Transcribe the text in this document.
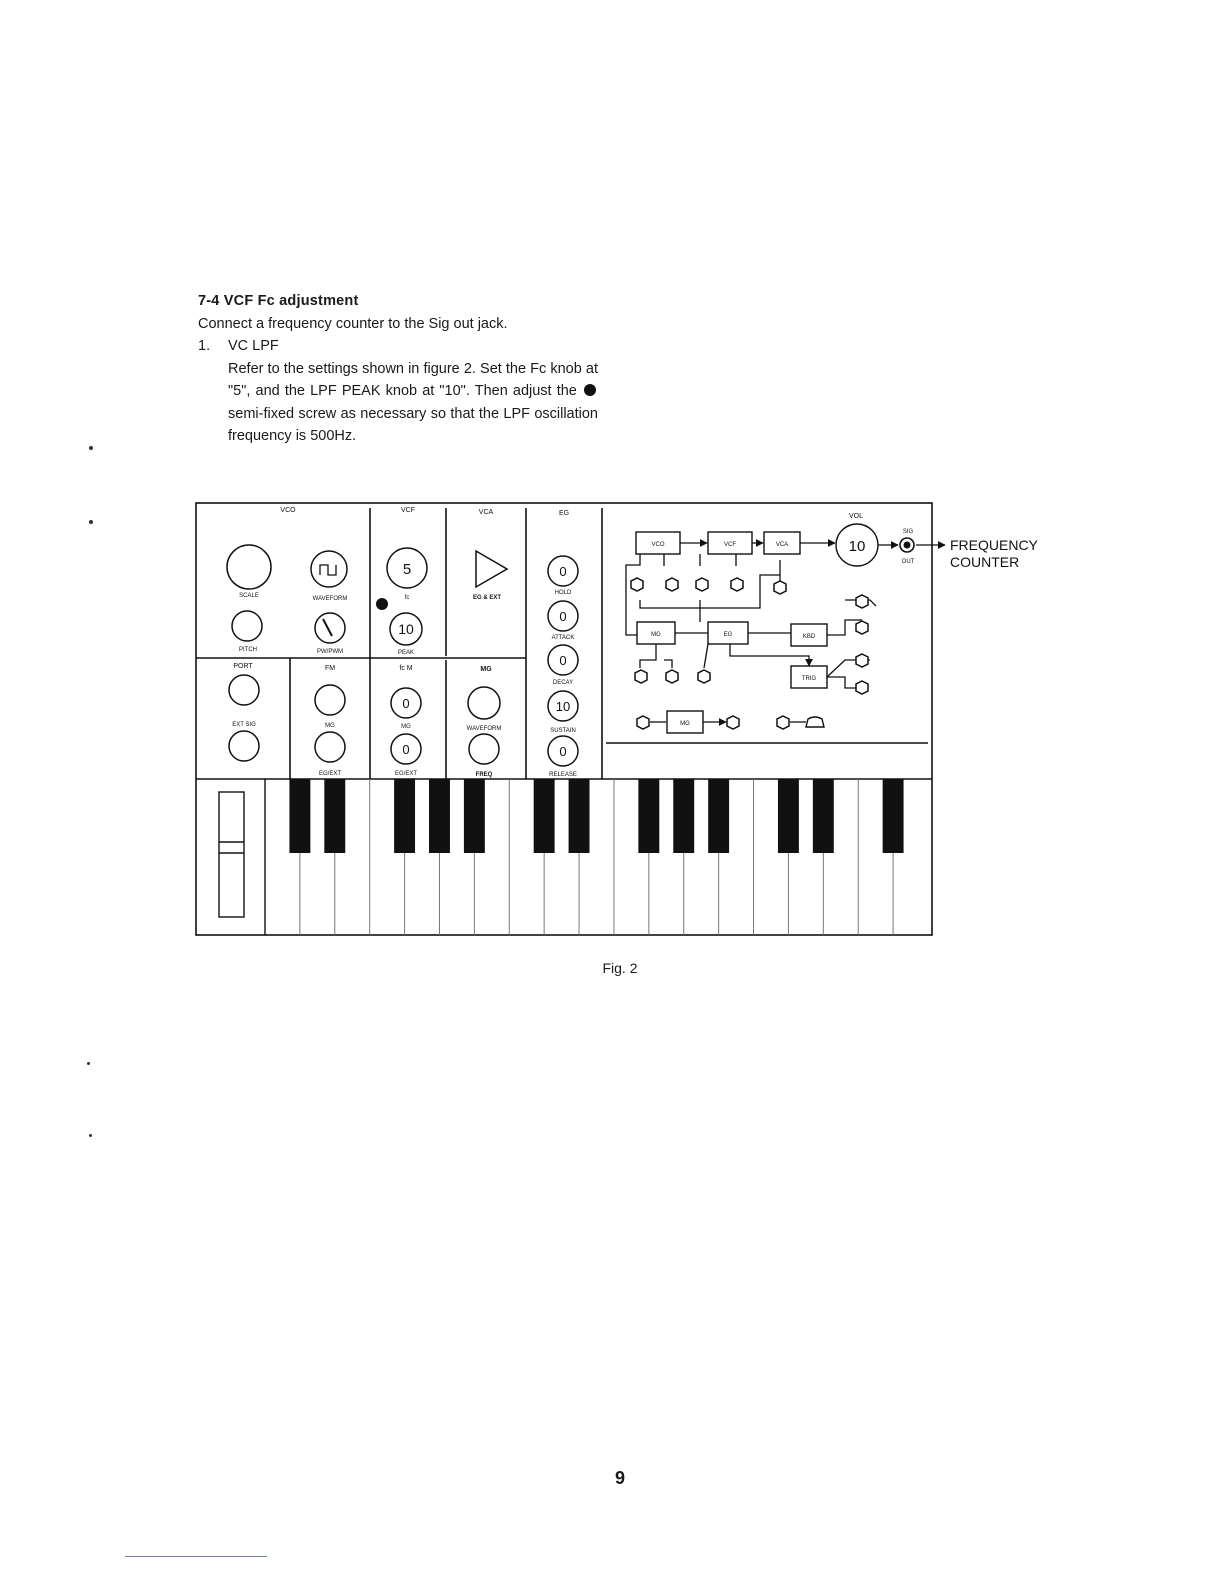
7-4 VCF Fc adjustment
Connect a frequency counter to the Sig out jack.
1.	VC LPF
Refer to the settings shown in figure 2. Set the Fc knob at "5", and the LPF PEAK knob at "10". Then adjust the  semi-fixed screw as necessary so that the LPF oscillation frequency is 500Hz.
VCO	VCF	VCA	EG	VOL
PORT	FM	fc M	MG
SCALE	WAVEFORM
PITCH	PW/PWM
5
10
fc
PEAK
EG & EXT
0
0
0
10
0
HOLD
ATTACK
DECAY
SUSTAIN
RELEASE
0
0
EXT SIG	MG
EG/EXT
MG
EG/EXT
WAVEFORM
FREQ
VCO	VCF	VCA
MG	EG	KBD
TRIG
MG
10
SIG
OUT
FREQUENCY
COUNTER
Fig. 2
9
